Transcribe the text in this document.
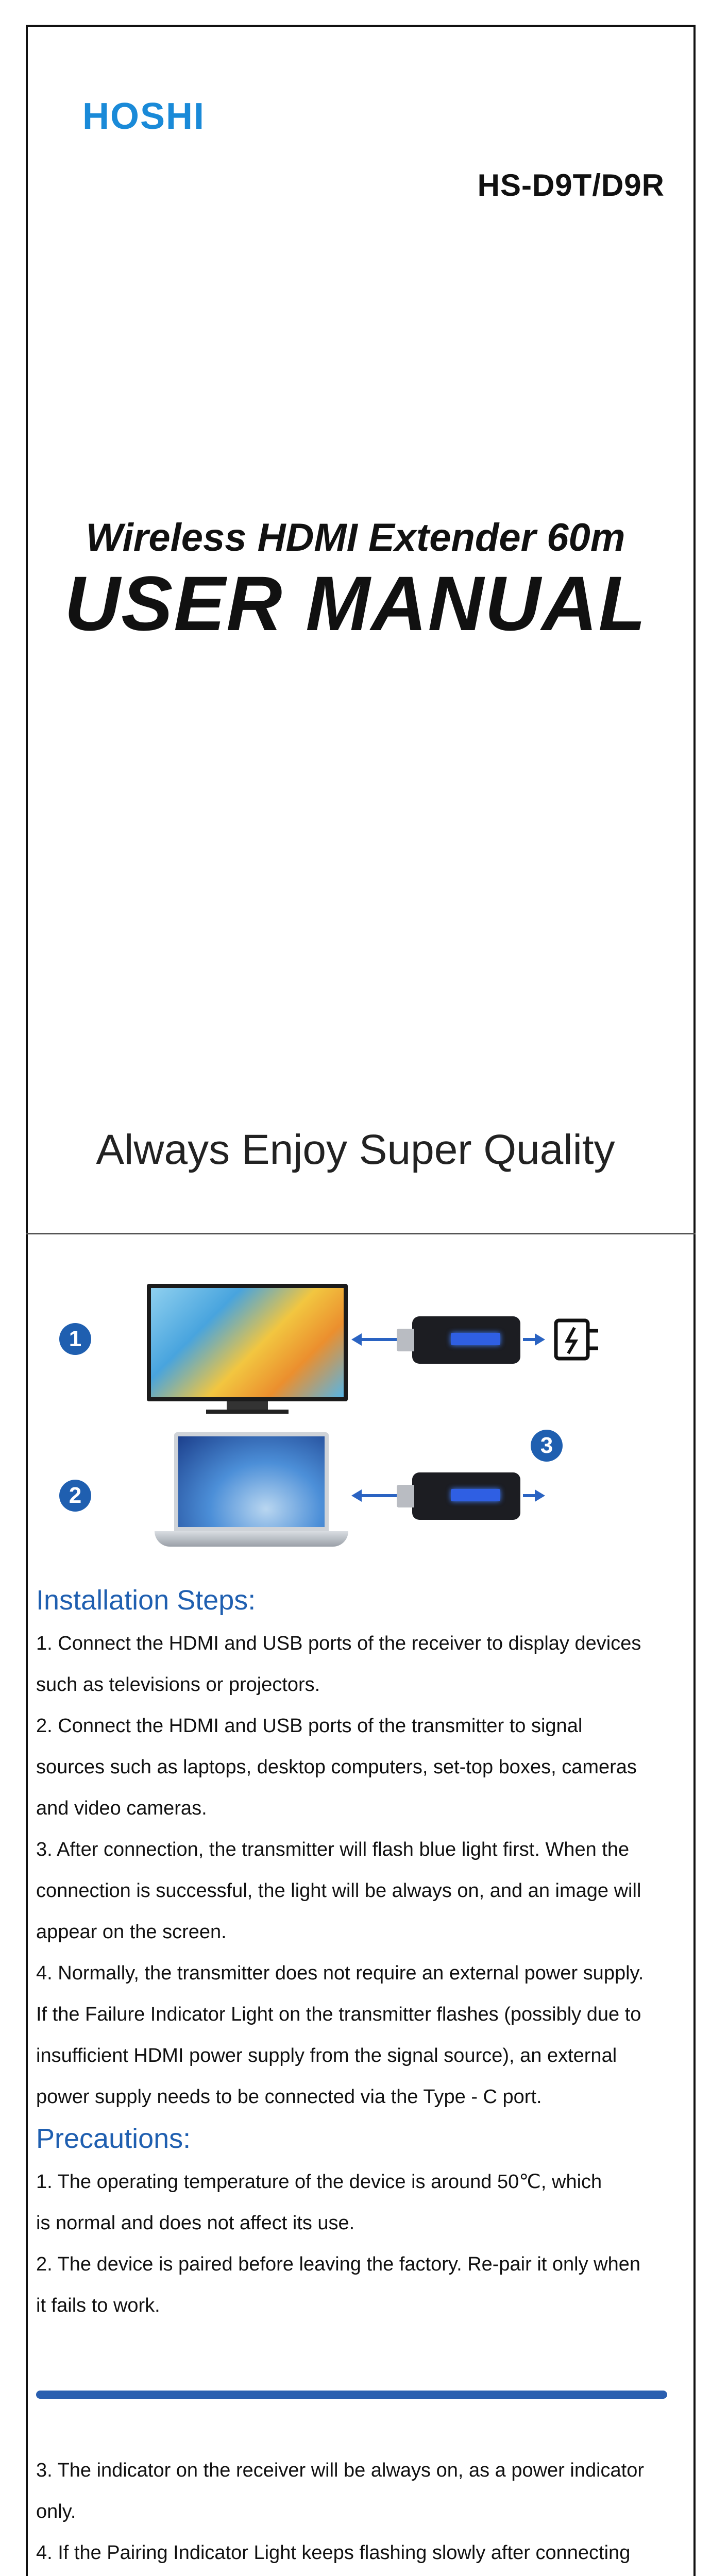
HOSHI
HS-D9T/D9R
Wireless HDMI Extender 60m
USER MANUAL
Always Enjoy Super Quality
1
3
2
Installation Steps:

1. Connect the HDMI and USB ports of the receiver to display devices

such as televisions or projectors.

2. Connect the HDMI and USB ports of the transmitter to signal

sources such as laptops, desktop computers, set-top boxes, cameras

and video cameras.

3. After connection, the transmitter will flash blue light first. When the

connection is successful, the light will be always on, and an image will

appear on the screen.

4. Normally, the transmitter does not require an external power supply.

If the Failure Indicator Light on the transmitter flashes (possibly due to

insufficient HDMI power supply from the signal source), an external

power supply needs to be connected via the Type - C port.

Precautions:

1. The operating temperature of the device is around 50℃, which

is normal and does not affect its use.

2. The device is paired before leaving the factory. Re-pair it only when

it fails to work.

3. The indicator on the receiver will be always on, as a power indicator

only.

4. If the Pairing Indicator Light keeps flashing slowly after connecting
